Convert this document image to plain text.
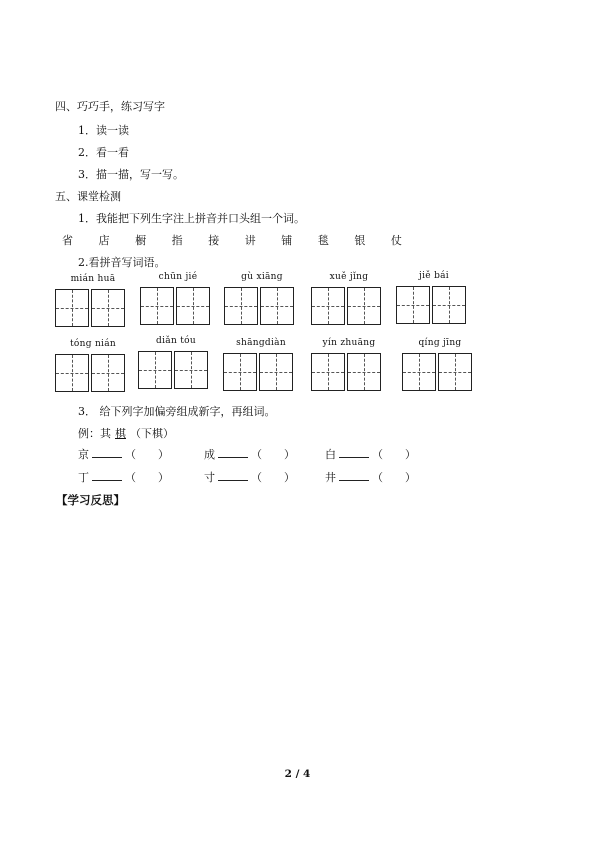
四、巧巧手，练习写字
1．读一读
2．看一看
3．描一描，写一写。
五、课堂检测
1．我能把下列生字注上拼音并口头组一个词。
省 店 橱 指 接 讲 铺 毯 银 仗
2.看拼音写词语。
mián huā	chūn jié	gù xiāng	xuě jǐng	jiě bái
tóng nián	diǎn tóu	shāngdiàn	yín zhuāng	qíng jīng
3． 给下列字加偏旁组成新字，再组词。
例：其 棋 （下棋）
京	（ ）	成	（ ）	白	（ ）
丁	（ ）	寸	（ ）	井	（ ）
【学习反思】
2 / 4
